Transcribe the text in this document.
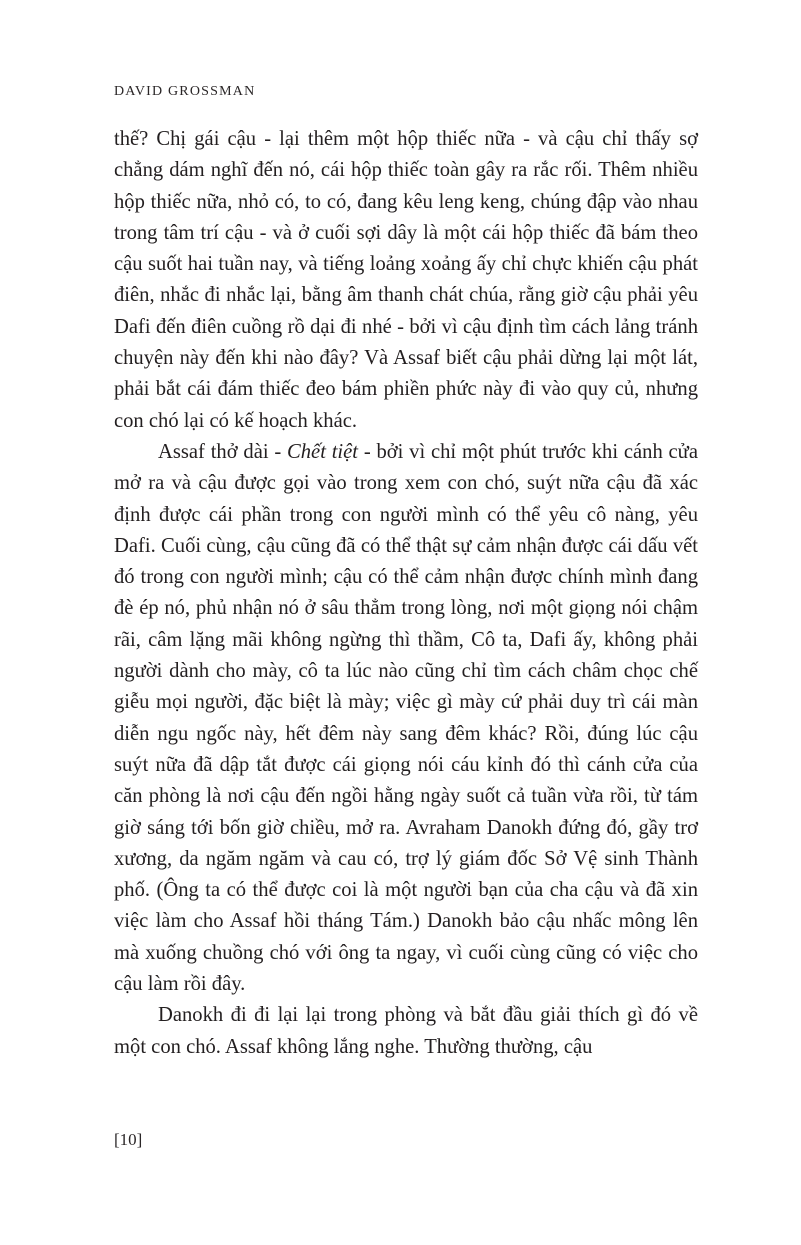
DAVID GROSSMAN

thế? Chị gái cậu - lại thêm một hộp thiếc nữa - và cậu chỉ thấy sợ chẳng dám nghĩ đến nó, cái hộp thiếc toàn gây ra rắc rối. Thêm nhiều hộp thiếc nữa, nhỏ có, to có, đang kêu leng keng, chúng đập vào nhau trong tâm trí cậu - và ở cuối sợi dây là một cái hộp thiếc đã bám theo cậu suốt hai tuần nay, và tiếng loảng xoảng ấy chỉ chực khiến cậu phát điên, nhắc đi nhắc lại, bằng âm thanh chát chúa, rằng giờ cậu phải yêu Dafi đến điên cuồng rồ dại đi nhé - bởi vì cậu định tìm cách lảng tránh chuyện này đến khi nào đây? Và Assaf biết cậu phải dừng lại một lát, phải bắt cái đám thiếc đeo bám phiền phức này đi vào quy củ, nhưng con chó lại có kế hoạch khác.

Assaf thở dài - Chết tiệt - bởi vì chỉ một phút trước khi cánh cửa mở ra và cậu được gọi vào trong xem con chó, suýt nữa cậu đã xác định được cái phần trong con người mình có thể yêu cô nàng, yêu Dafi. Cuối cùng, cậu cũng đã có thể thật sự cảm nhận được cái dấu vết đó trong con người mình; cậu có thể cảm nhận được chính mình đang đè ép nó, phủ nhận nó ở sâu thẳm trong lòng, nơi một giọng nói chậm rãi, câm lặng mãi không ngừng thì thầm, Cô ta, Dafi ấy, không phải người dành cho mày, cô ta lúc nào cũng chỉ tìm cách châm chọc chế giễu mọi người, đặc biệt là mày; việc gì mày cứ phải duy trì cái màn diễn ngu ngốc này, hết đêm này sang đêm khác? Rồi, đúng lúc cậu suýt nữa đã dập tắt được cái giọng nói cáu kỉnh đó thì cánh cửa của căn phòng là nơi cậu đến ngồi hằng ngày suốt cả tuần vừa rồi, từ tám giờ sáng tới bốn giờ chiều, mở ra. Avraham Danokh đứng đó, gầy trơ xương, da ngăm ngăm và cau có, trợ lý giám đốc Sở Vệ sinh Thành phố. (Ông ta có thể được coi là một người bạn của cha cậu và đã xin việc làm cho Assaf hồi tháng Tám.) Danokh bảo cậu nhấc mông lên mà xuống chuồng chó với ông ta ngay, vì cuối cùng cũng có việc cho cậu làm rồi đây.

Danokh đi đi lại lại trong phòng và bắt đầu giải thích gì đó về một con chó. Assaf không lắng nghe. Thường thường, cậu

[10]
